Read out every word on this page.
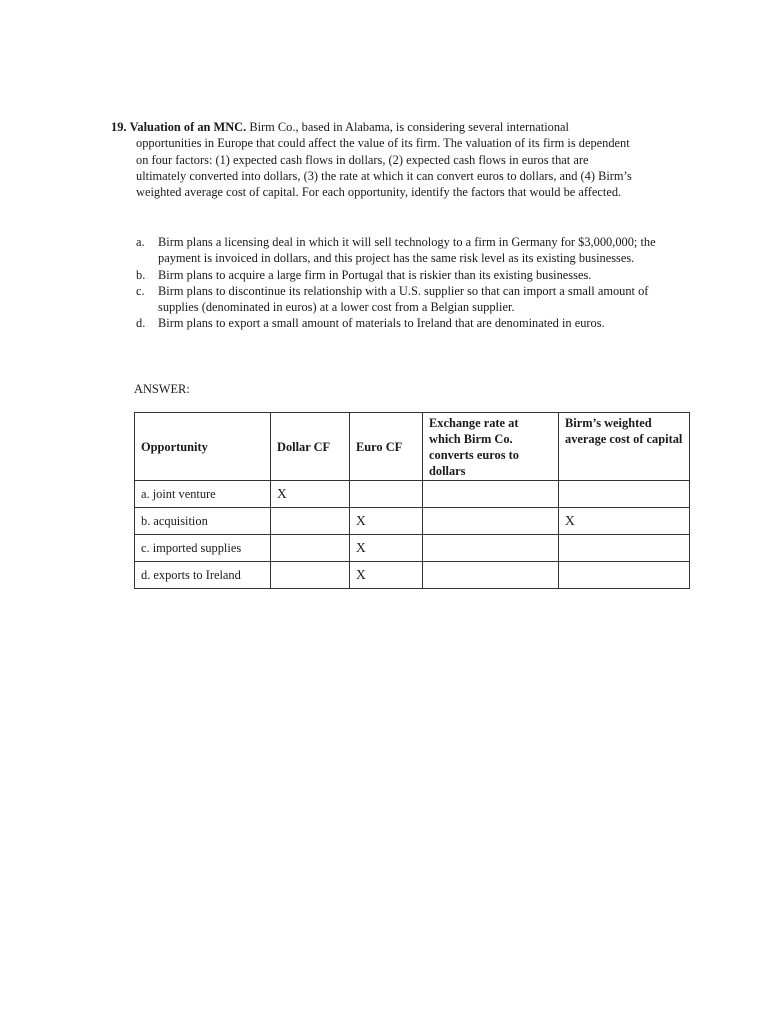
19. Valuation of an MNC. Birm Co., based in Alabama, is considering several international
opportunities in Europe that could affect the value of its firm. The valuation of its firm is dependent on four factors: (1) expected cash flows in dollars, (2) expected cash flows in euros that are ultimately converted into dollars, (3) the rate at which it can convert euros to dollars, and (4) Birm’s weighted average cost of capital. For each opportunity, identify the factors that would be affected.
a. Birm plans a licensing deal in which it will sell technology to a firm in Germany for $3,000,000; the payment is invoiced in dollars, and this project has the same risk level as its existing businesses.
b. Birm plans to acquire a large firm in Portugal that is riskier than its existing businesses.
c. Birm plans to discontinue its relationship with a U.S. supplier so that can import a small amount of supplies (denominated in euros) at a lower cost from a Belgian supplier.
d. Birm plans to export a small amount of materials to Ireland that are denominated in euros.
ANSWER:
Opportunity	Dollar CF	Euro CF	Exchange rate at which Birm Co. converts euros to dollars	Birm’s weighted average cost of capital
a. joint venture	X			
b. acquisition		X		X
c. imported supplies		X		
d. exports to Ireland		X		
